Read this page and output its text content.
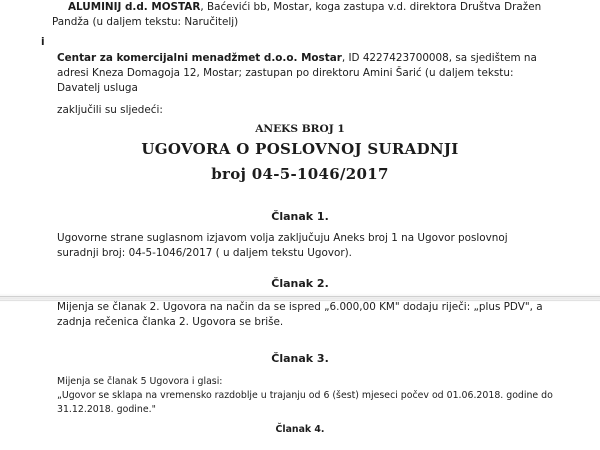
ALUMINIJ d.d. MOSTAR, Baćevići bb, Mostar, koga zastupa v.d. direktora Društva Dražen

Pandža (u daljem tekstu: Naručitelj)

i

Centar za komercijalni menadžmet d.o.o. Mostar, ID 4227423700008, sa sjedištem na

adresi Kneza Domagoja 12, Mostar; zastupan po direktoru Amini Šarić (u daljem tekstu:

Davatelj usluga

zaključili su sljedeći:

ANEKS BROJ 1

UGOVORA O POSLOVNOJ SURADNJI

broj 04-5-1046/2017

Članak 1.

Ugovorne strane suglasnom izjavom volja zaključuju Aneks broj 1 na Ugovor poslovnoj

suradnji broj: 04-5-1046/2017 ( u daljem tekstu Ugovor).

Članak 2.

Mijenja se članak 2. Ugovora na način da se ispred „6.000,00 KM" dodaju riječi: „plus PDV", a

zadnja rečenica članka 2. Ugovora se briše.

Članak 3.

Mijenja se članak 5 Ugovora i glasi:

„Ugovor se sklapa na vremensko razdoblje u trajanju od 6 (šest) mjeseci počev od 01.06.2018. godine do

31.12.2018. godine."

Članak 4.
